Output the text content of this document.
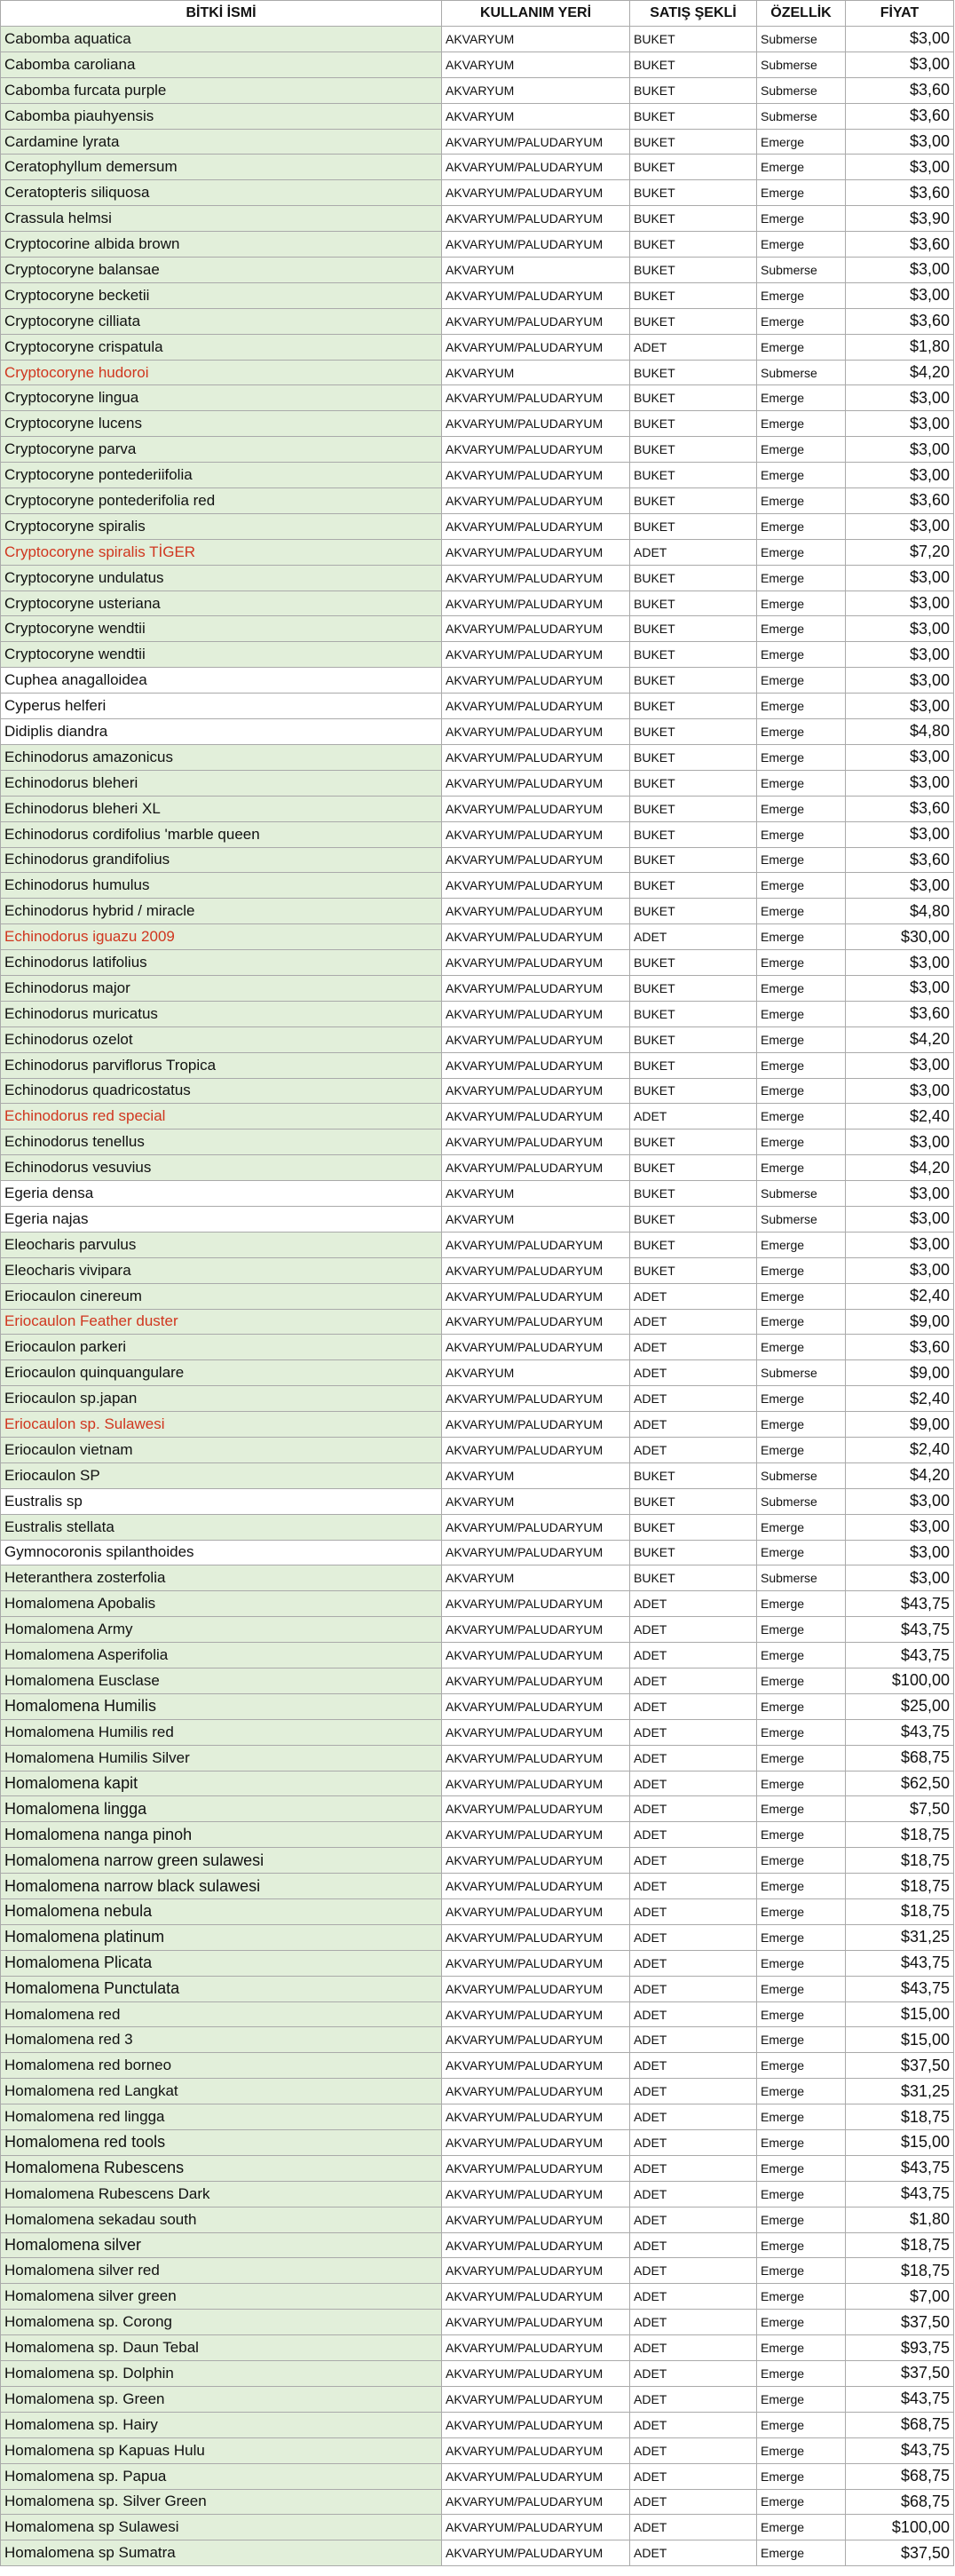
BİTKİ İSMİ	KULLANIM YERİ	SATIŞ ŞEKLİ	ÖZELLİK	FİYAT
Cabomba aquatica	AKVARYUM	BUKET	Submerse	$3,00
Cabomba caroliana	AKVARYUM	BUKET	Submerse	$3,00
Cabomba furcata purple	AKVARYUM	BUKET	Submerse	$3,60
Cabomba piauhyensis	AKVARYUM	BUKET	Submerse	$3,60
Cardamine lyrata	AKVARYUM/PALUDARYUM	BUKET	Emerge	$3,00
Ceratophyllum demersum	AKVARYUM/PALUDARYUM	BUKET	Emerge	$3,00
Ceratopteris siliquosa	AKVARYUM/PALUDARYUM	BUKET	Emerge	$3,60
Crassula helmsi	AKVARYUM/PALUDARYUM	BUKET	Emerge	$3,90
Cryptocorine albida brown	AKVARYUM/PALUDARYUM	BUKET	Emerge	$3,60
Cryptocoryne balansae	AKVARYUM	BUKET	Submerse	$3,00
Cryptocoryne becketii	AKVARYUM/PALUDARYUM	BUKET	Emerge	$3,00
Cryptocoryne cilliata	AKVARYUM/PALUDARYUM	BUKET	Emerge	$3,60
Cryptocoryne crispatula	AKVARYUM/PALUDARYUM	ADET	Emerge	$1,80
Cryptocoryne hudoroi	AKVARYUM	BUKET	Submerse	$4,20
Cryptocoryne lingua	AKVARYUM/PALUDARYUM	BUKET	Emerge	$3,00
Cryptocoryne lucens	AKVARYUM/PALUDARYUM	BUKET	Emerge	$3,00
Cryptocoryne parva	AKVARYUM/PALUDARYUM	BUKET	Emerge	$3,00
Cryptocoryne pontederiifolia	AKVARYUM/PALUDARYUM	BUKET	Emerge	$3,00
Cryptocoryne pontederifolia red	AKVARYUM/PALUDARYUM	BUKET	Emerge	$3,60
Cryptocoryne spiralis	AKVARYUM/PALUDARYUM	BUKET	Emerge	$3,00
Cryptocoryne spiralis TİGER	AKVARYUM/PALUDARYUM	ADET	Emerge	$7,20
Cryptocoryne undulatus	AKVARYUM/PALUDARYUM	BUKET	Emerge	$3,00
Cryptocoryne usteriana	AKVARYUM/PALUDARYUM	BUKET	Emerge	$3,00
Cryptocoryne wendtii	AKVARYUM/PALUDARYUM	BUKET	Emerge	$3,00
Cryptocoryne wendtii	AKVARYUM/PALUDARYUM	BUKET	Emerge	$3,00
Cuphea anagalloidea	AKVARYUM/PALUDARYUM	BUKET	Emerge	$3,00
Cyperus helferi	AKVARYUM/PALUDARYUM	BUKET	Emerge	$3,00
Didiplis diandra	AKVARYUM/PALUDARYUM	BUKET	Emerge	$4,80
Echinodorus amazonicus	AKVARYUM/PALUDARYUM	BUKET	Emerge	$3,00
Echinodorus bleheri	AKVARYUM/PALUDARYUM	BUKET	Emerge	$3,00
Echinodorus bleheri XL	AKVARYUM/PALUDARYUM	BUKET	Emerge	$3,60
Echinodorus cordifolius 'marble queen	AKVARYUM/PALUDARYUM	BUKET	Emerge	$3,00
Echinodorus grandifolius	AKVARYUM/PALUDARYUM	BUKET	Emerge	$3,60
Echinodorus humulus	AKVARYUM/PALUDARYUM	BUKET	Emerge	$3,00
Echinodorus hybrid / miracle	AKVARYUM/PALUDARYUM	BUKET	Emerge	$4,80
Echinodorus iguazu 2009	AKVARYUM/PALUDARYUM	ADET	Emerge	$30,00
Echinodorus latifolius	AKVARYUM/PALUDARYUM	BUKET	Emerge	$3,00
Echinodorus major	AKVARYUM/PALUDARYUM	BUKET	Emerge	$3,00
Echinodorus muricatus	AKVARYUM/PALUDARYUM	BUKET	Emerge	$3,60
Echinodorus ozelot	AKVARYUM/PALUDARYUM	BUKET	Emerge	$4,20
Echinodorus parviflorus Tropica	AKVARYUM/PALUDARYUM	BUKET	Emerge	$3,00
Echinodorus quadricostatus	AKVARYUM/PALUDARYUM	BUKET	Emerge	$3,00
Echinodorus red special	AKVARYUM/PALUDARYUM	ADET	Emerge	$2,40
Echinodorus tenellus	AKVARYUM/PALUDARYUM	BUKET	Emerge	$3,00
Echinodorus vesuvius	AKVARYUM/PALUDARYUM	BUKET	Emerge	$4,20
Egeria densa	AKVARYUM	BUKET	Submerse	$3,00
Egeria najas	AKVARYUM	BUKET	Submerse	$3,00
Eleocharis parvulus	AKVARYUM/PALUDARYUM	BUKET	Emerge	$3,00
Eleocharis vivipara	AKVARYUM/PALUDARYUM	BUKET	Emerge	$3,00
Eriocaulon cinereum	AKVARYUM/PALUDARYUM	ADET	Emerge	$2,40
Eriocaulon Feather duster	AKVARYUM/PALUDARYUM	ADET	Emerge	$9,00
Eriocaulon parkeri	AKVARYUM/PALUDARYUM	ADET	Emerge	$3,60
Eriocaulon quinquangulare	AKVARYUM	ADET	Submerse	$9,00
Eriocaulon sp.japan	AKVARYUM/PALUDARYUM	ADET	Emerge	$2,40
Eriocaulon sp. Sulawesi	AKVARYUM/PALUDARYUM	ADET	Emerge	$9,00
Eriocaulon vietnam	AKVARYUM/PALUDARYUM	ADET	Emerge	$2,40
Eriocaulon SP	AKVARYUM	BUKET	Submerse	$4,20
Eustralis sp	AKVARYUM	BUKET	Submerse	$3,00
Eustralis stellata	AKVARYUM/PALUDARYUM	BUKET	Emerge	$3,00
Gymnocoronis spilanthoides	AKVARYUM/PALUDARYUM	BUKET	Emerge	$3,00
Heteranthera zosterfolia	AKVARYUM	BUKET	Submerse	$3,00
Homalomena Apobalis	AKVARYUM/PALUDARYUM	ADET	Emerge	$43,75
Homalomena Army	AKVARYUM/PALUDARYUM	ADET	Emerge	$43,75
Homalomena Asperifolia	AKVARYUM/PALUDARYUM	ADET	Emerge	$43,75
Homalomena Eusclase	AKVARYUM/PALUDARYUM	ADET	Emerge	$100,00
Homalomena Humilis	AKVARYUM/PALUDARYUM	ADET	Emerge	$25,00
Homalomena Humilis red	AKVARYUM/PALUDARYUM	ADET	Emerge	$43,75
Homalomena Humilis Silver	AKVARYUM/PALUDARYUM	ADET	Emerge	$68,75
Homalomena kapit	AKVARYUM/PALUDARYUM	ADET	Emerge	$62,50
Homalomena lingga	AKVARYUM/PALUDARYUM	ADET	Emerge	$7,50
Homalomena nanga pinoh	AKVARYUM/PALUDARYUM	ADET	Emerge	$18,75
Homalomena narrow green sulawesi	AKVARYUM/PALUDARYUM	ADET	Emerge	$18,75
Homalomena narrow black sulawesi	AKVARYUM/PALUDARYUM	ADET	Emerge	$18,75
Homalomena nebula	AKVARYUM/PALUDARYUM	ADET	Emerge	$18,75
Homalomena platinum	AKVARYUM/PALUDARYUM	ADET	Emerge	$31,25
Homalomena Plicata	AKVARYUM/PALUDARYUM	ADET	Emerge	$43,75
Homalomena Punctulata	AKVARYUM/PALUDARYUM	ADET	Emerge	$43,75
Homalomena red	AKVARYUM/PALUDARYUM	ADET	Emerge	$15,00
Homalomena red 3	AKVARYUM/PALUDARYUM	ADET	Emerge	$15,00
Homalomena red borneo	AKVARYUM/PALUDARYUM	ADET	Emerge	$37,50
Homalomena red Langkat	AKVARYUM/PALUDARYUM	ADET	Emerge	$31,25
Homalomena red lingga	AKVARYUM/PALUDARYUM	ADET	Emerge	$18,75
Homalomena red tools	AKVARYUM/PALUDARYUM	ADET	Emerge	$15,00
Homalomena Rubescens	AKVARYUM/PALUDARYUM	ADET	Emerge	$43,75
Homalomena Rubescens Dark	AKVARYUM/PALUDARYUM	ADET	Emerge	$43,75
Homalomena sekadau south	AKVARYUM/PALUDARYUM	ADET	Emerge	$1,80
Homalomena silver	AKVARYUM/PALUDARYUM	ADET	Emerge	$18,75
Homalomena silver red	AKVARYUM/PALUDARYUM	ADET	Emerge	$18,75
Homalomena silver green	AKVARYUM/PALUDARYUM	ADET	Emerge	$7,00
Homalomena sp. Corong	AKVARYUM/PALUDARYUM	ADET	Emerge	$37,50
Homalomena sp. Daun Tebal	AKVARYUM/PALUDARYUM	ADET	Emerge	$93,75
Homalomena sp. Dolphin	AKVARYUM/PALUDARYUM	ADET	Emerge	$37,50
Homalomena sp. Green	AKVARYUM/PALUDARYUM	ADET	Emerge	$43,75
Homalomena sp. Hairy	AKVARYUM/PALUDARYUM	ADET	Emerge	$68,75
Homalomena sp Kapuas Hulu	AKVARYUM/PALUDARYUM	ADET	Emerge	$43,75
Homalomena sp. Papua	AKVARYUM/PALUDARYUM	ADET	Emerge	$68,75
Homalomena sp. Silver Green	AKVARYUM/PALUDARYUM	ADET	Emerge	$68,75
Homalomena sp Sulawesi	AKVARYUM/PALUDARYUM	ADET	Emerge	$100,00
Homalomena sp Sumatra	AKVARYUM/PALUDARYUM	ADET	Emerge	$37,50
